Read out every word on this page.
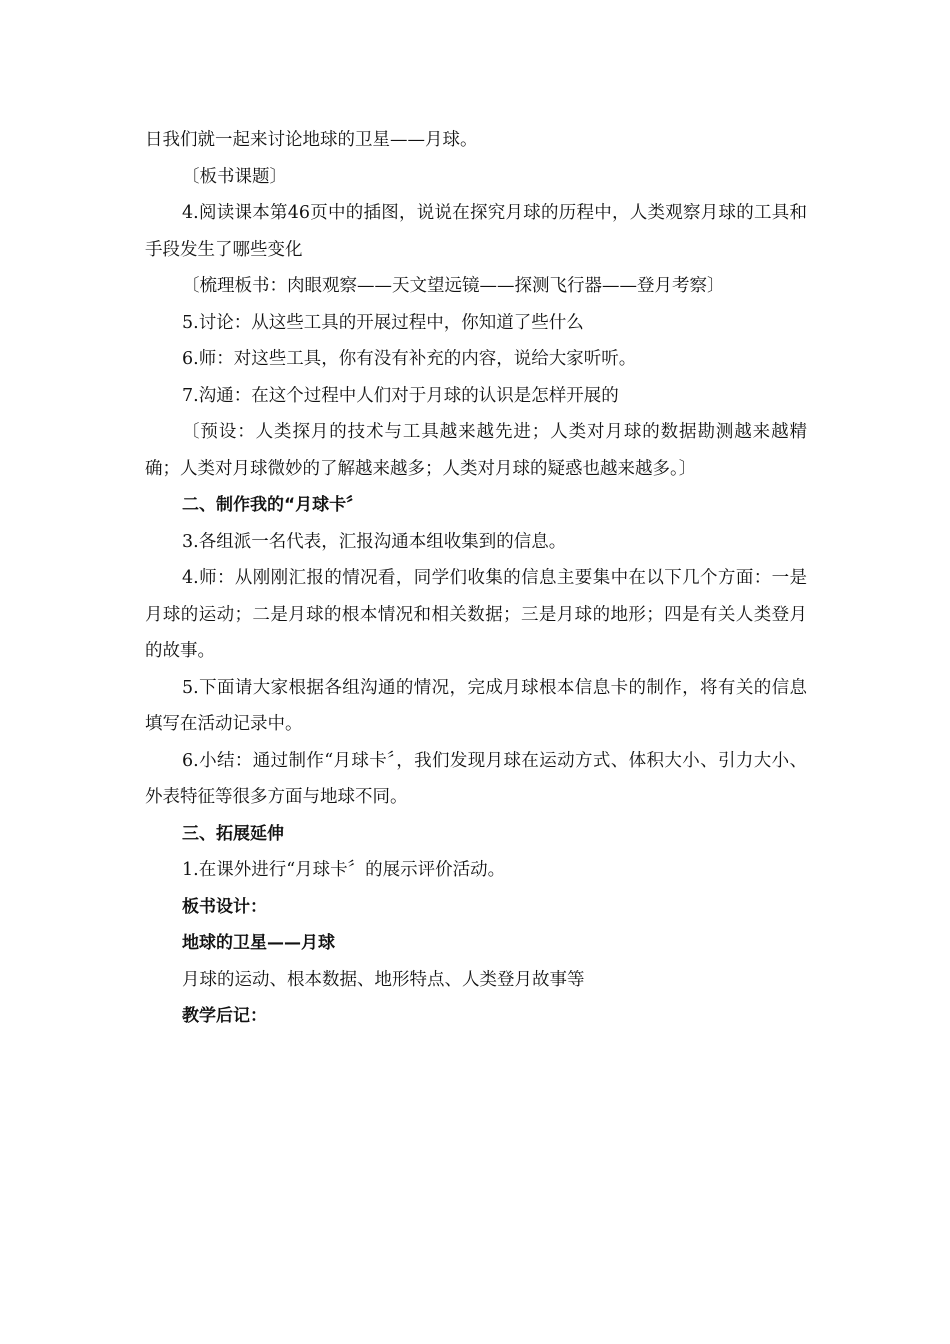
日我们就一起来讨论地球的卫星——月球。

〔板书课题〕

4.阅读课本第46页中的插图，说说在探究月球的历程中，人类观察月球的工具和手段发生了哪些变化

〔梳理板书：肉眼观察——天文望远镜——探测飞行器——登月考察〕

5.讨论：从这些工具的开展过程中，你知道了些什么

6.师：对这些工具，你有没有补充的内容，说给大家听听。

7.沟通：在这个过程中人们对于月球的认识是怎样开展的

〔预设：人类探月的技术与工具越来越先进；人类对月球的数据勘测越来越精确；人类对月球微妙的了解越来越多；人类对月球的疑惑也越来越多。〕

二、制作我的“月球卡〞

3.各组派一名代表，汇报沟通本组收集到的信息。

4.师：从刚刚汇报的情况看，同学们收集的信息主要集中在以下几个方面：一是月球的运动；二是月球的根本情况和相关数据；三是月球的地形；四是有关人类登月的故事。

5.下面请大家根据各组沟通的情况，完成月球根本信息卡的制作，将有关的信息填写在活动记录中。

6.小结：通过制作“月球卡〞，我们发现月球在运动方式、体积大小、引力大小、外表特征等很多方面与地球不同。

三、拓展延伸

1.在课外进行“月球卡〞的展示评价活动。

板书设计：

地球的卫星——月球

月球的运动、根本数据、地形特点、人类登月故事等

教学后记：
